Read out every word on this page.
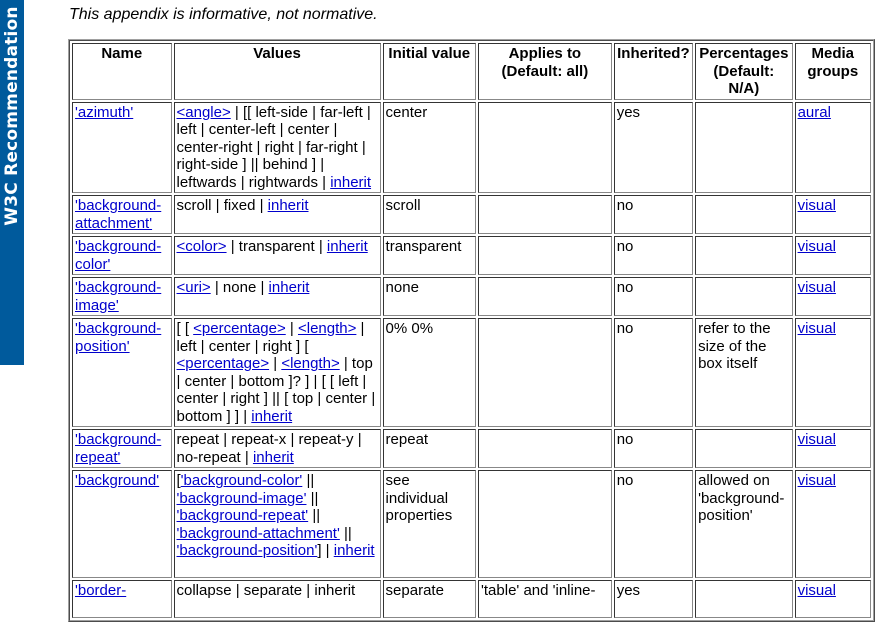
W3C Recommendation	This appendix is informative, not normative.
Name	Values	Initial value	Applies to (Default: all)	Inherited?	Percentages (Default: N/A)	Media groups
'azimuth'	<angle> | [[ left-side | far-left | left | center-left | center | center-right | right | far-right | right-side ] || behind ] | leftwards | rightwards | inherit	center		yes		aural
'background-attachment'	scroll | fixed | inherit	scroll		no		visual
'background-color'	<color> | transparent | inherit	transparent		no		visual
'background-image'	<uri> | none | inherit	none		no		visual
'background-position'	[ [ <percentage> | <length> | left | center | right ] [ <percentage> | <length> | top | center | bottom ]? ] | [ [ left | center | right ] || [ top | center | bottom ] ] | inherit	0% 0%		no	refer to the size of the box itself	visual
'background-repeat'	repeat | repeat-x | repeat-y | no-repeat | inherit	repeat		no		visual
'background'	['background-color' || 'background-image' || 'background-repeat' || 'background-attachment' || 'background-position'] | inherit	see individual properties		no	allowed on 'background-position'	visual
'border-	collapse | separate | inherit	separate	'table' and 'inline-	yes		visual
